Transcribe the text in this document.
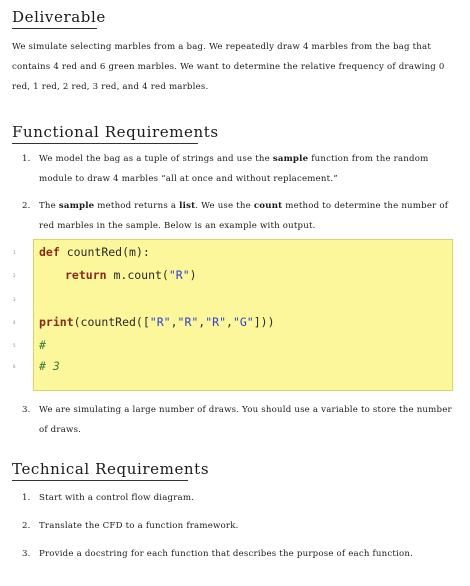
Deliverable
We simulate selecting marbles from a bag. We repeatedly draw 4 marbles from the bag that contains 4 red and 6 green marbles. We want to determine the relative frequency of drawing 0 red, 1 red, 2 red, 3 red, and 4 red marbles.
Functional Requirements
1. We model the bag as a tuple of strings and use the sample function from the random module to draw 4 marbles “all at once and without replacement.”
2. The sample method returns a list. We use the count method to determine the number of red marbles in the sample. Below is an example with output.
def countRed(m):
return m.count("R")
print(countRed(["R","R","R","G"]))
#
# 3
1
2
3
4
5
6
3. We are simulating a large number of draws. You should use a variable to store the number of draws.
Technical Requirements
1. Start with a control flow diagram.
2. Translate the CFD to a function framework.
3. Provide a docstring for each function that describes the purpose of each function.
